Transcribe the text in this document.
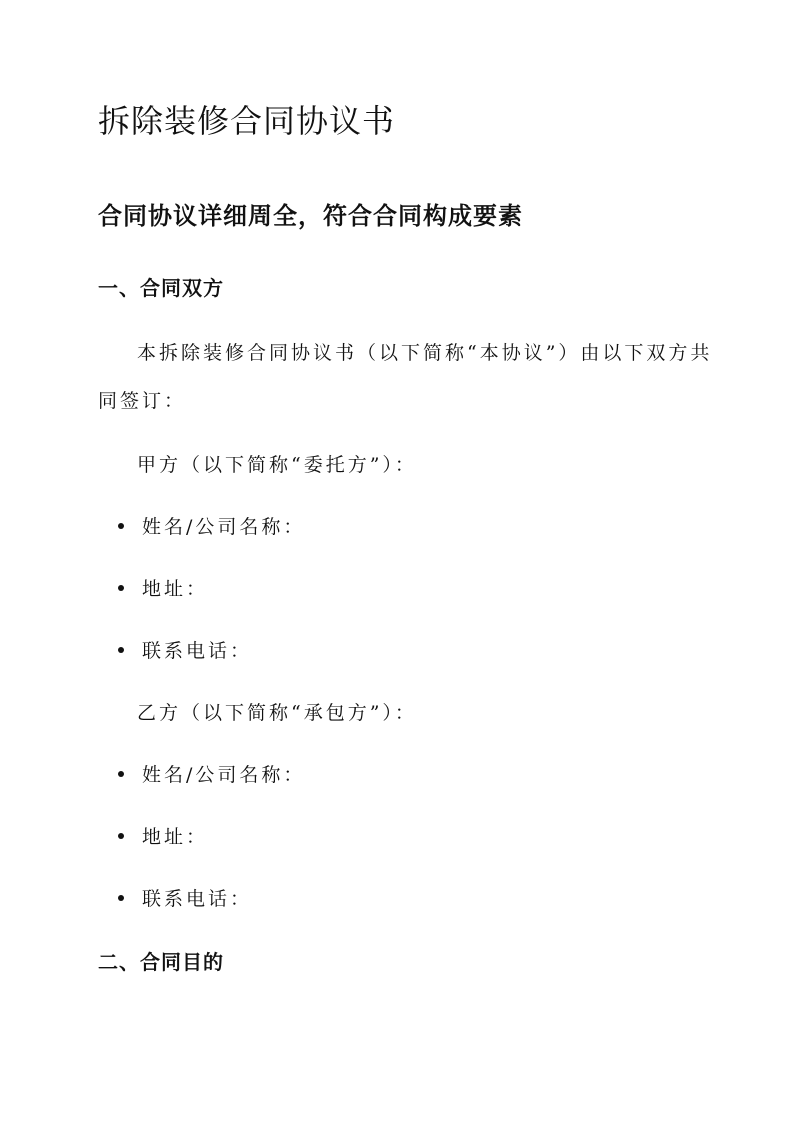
拆除装修合同协议书
合同协议详细周全，符合合同构成要素
一、合同双方
本拆除装修合同协议书（以下简称“本协议”）由以下双方共
同签订：
甲方（以下简称“委托方”）：
姓名/公司名称：
地址：
联系电话：
乙方（以下简称“承包方”）：
姓名/公司名称：
地址：
联系电话：
二、合同目的
